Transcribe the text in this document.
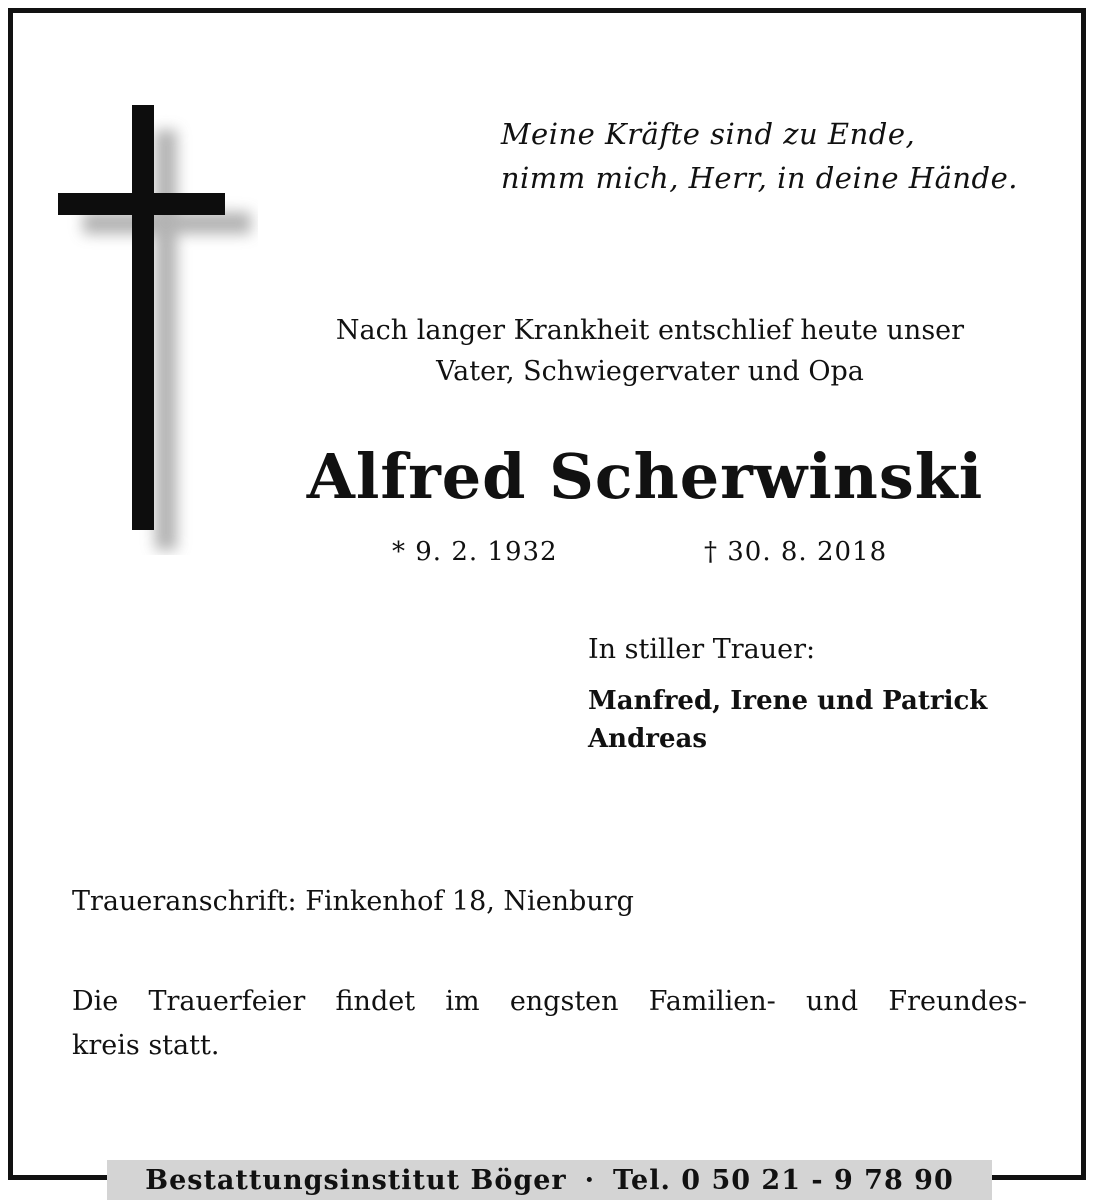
Meine Kräfte sind zu Ende,
nimm mich, Herr, in deine Hände.
Nach langer Krankheit entschlief heute unser
Vater, Schwiegervater und Opa
Alfred Scherwinski
* 9. 2. 1932	† 30. 8. 2018
In stiller Trauer:
Manfred, Irene und Patrick
Andreas
Traueranschrift: Finkenhof 18, Nienburg
Die Trauerfeier findet im engsten Familien- und Freundes-
kreis statt.
Bestattungsinstitut Böger · Tel. 0 50 21 - 9 78 90
